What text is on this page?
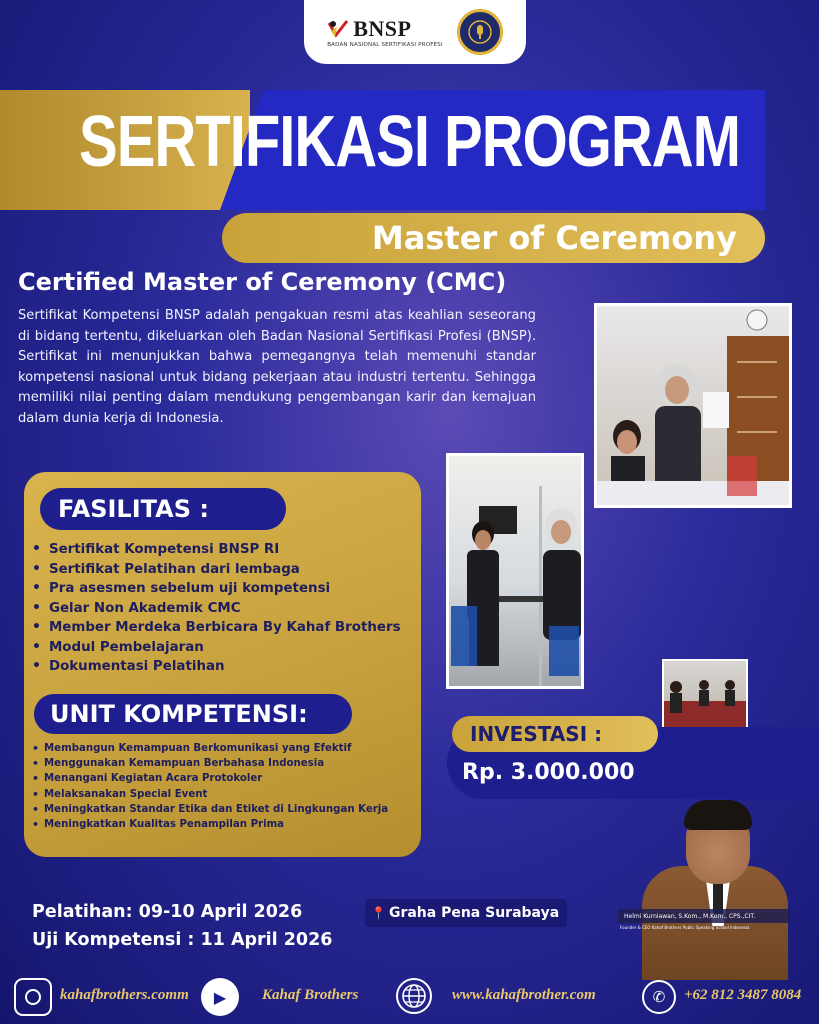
BNSP
BADAN NASIONAL SERTIFIKASI PROFESI
SERTIFIKASI PROGRAM
Master of Ceremony
Certified Master of Ceremony (CMC)

Sertifikat Kompetensi BNSP adalah pengakuan resmi atas keahlian seseorang di bidang tertentu, dikeluarkan oleh Badan Nasional Sertifikasi Profesi (BNSP). Sertifikat ini menunjukkan bahwa pemegangnya telah memenuhi standar kompetensi nasional untuk bidang pekerjaan atau industri tertentu. Sehingga memiliki nilai penting dalam mendukung pengembangan karir dan kemajuan dalam dunia kerja di Indonesia.

FASILITAS :
• Sertifikat Kompetensi BNSP RI
• Sertifikat Pelatihan dari lembaga
• Pra asesmen sebelum uji kompetensi
• Gelar Non Akademik CMC
• Member Merdeka Berbicara By Kahaf Brothers
• Modul Pembelajaran
• Dokumentasi Pelatihan
UNIT KOMPETENSI:
• Membangun Kemampuan Berkomunikasi yang Efektif
• Menggunakan Kemampuan Berbahasa Indonesia
• Menangani Kegiatan Acara Protokoler
• Melaksanakan Special Event
• Meningkatkan Standar Etika dan Etiket di Lingkungan Kerja
• Meningkatkan Kualitas Penampilan Prima
INVESTASI :
Rp. 3.000.000
Pelatihan: 09-10 April 2026
Uji Kompetensi : 11 April 2026
📍 Graha Pena Surabaya	Helmi Kurniawan, S.Kom., M.Kom., CPS.,CIT.
Founder & CEO Kahaf Brothers Public Speaking School Indonesia
kahafbrothers.comm	▶	Kahaf Brothers	www.kahafbrother.com	✆	+62 812 3487 8084
